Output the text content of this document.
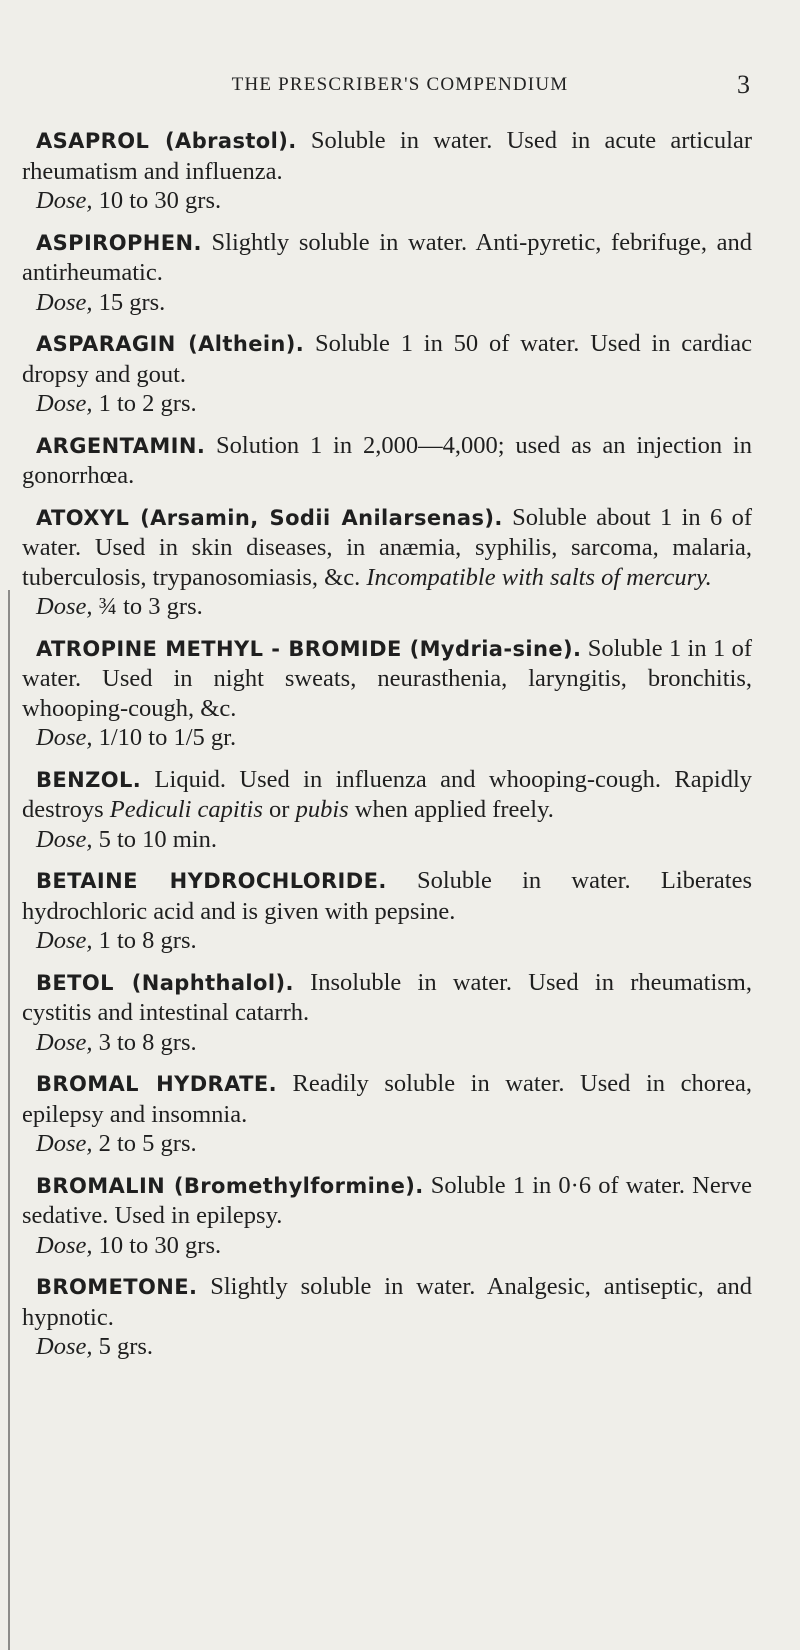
THE PRESCRIBER'S COMPENDIUM	3

ASAPROL (Abrastol). Soluble in water. Used in acute articular rheumatism and influenza.

Dose, 10 to 30 grs.

ASPIROPHEN. Slightly soluble in water. Anti-pyretic, febrifuge, and antirheumatic.

Dose, 15 grs.

ASPARAGIN (Althein). Soluble 1 in 50 of water. Used in cardiac dropsy and gout.

Dose, 1 to 2 grs.

ARGENTAMIN. Solution 1 in 2,000—4,000; used as an injection in gonorrhœa.

ATOXYL (Arsamin, Sodii Anilarsenas). Soluble about 1 in 6 of water. Used in skin diseases, in anæmia, syphilis, sarcoma, malaria, tuberculosis, trypanosomiasis, &c. Incompatible with salts of mercury.

Dose, ¾ to 3 grs.

ATROPINE METHYL - BROMIDE (Mydria-sine). Soluble 1 in 1 of water. Used in night sweats, neurasthenia, laryngitis, bronchitis, whooping-cough, &c.

Dose, 1/10 to 1/5 gr.

BENZOL. Liquid. Used in influenza and whooping-cough. Rapidly destroys Pediculi capitis or pubis when applied freely.

Dose, 5 to 10 min.

BETAINE HYDROCHLORIDE. Soluble in water. Liberates hydrochloric acid and is given with pepsine.

Dose, 1 to 8 grs.

BETOL (Naphthalol). Insoluble in water. Used in rheumatism, cystitis and intestinal catarrh.

Dose, 3 to 8 grs.

BROMAL HYDRATE. Readily soluble in water. Used in chorea, epilepsy and insomnia.

Dose, 2 to 5 grs.

BROMALIN (Bromethylformine). Soluble 1 in 0·6 of water. Nerve sedative. Used in epilepsy.

Dose, 10 to 30 grs.

BROMETONE. Slightly soluble in water. Analgesic, antiseptic, and hypnotic.

Dose, 5 grs.
